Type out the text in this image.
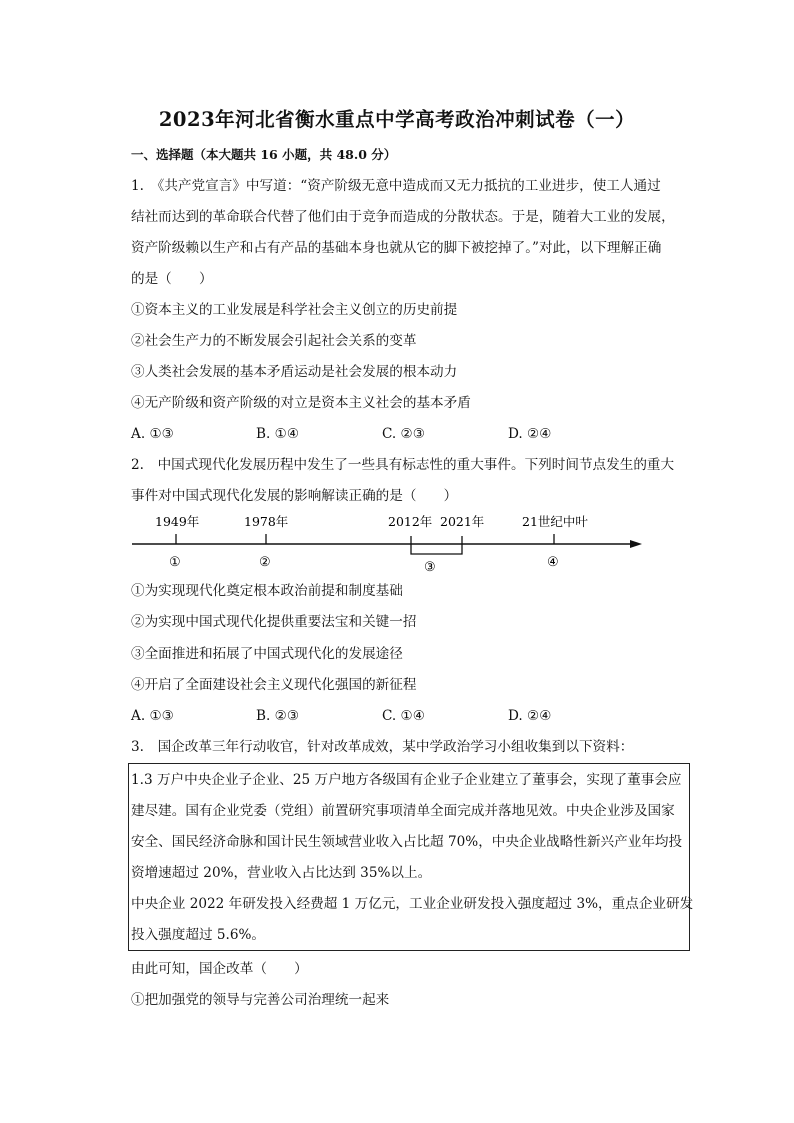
2023年河北省衡水重点中学高考政治冲刺试卷（一）
一、选择题（本大题共 16 小题，共 48.0 分）
1.　《共产党宣言》中写道：“资产阶级无意中造成而又无力抵抗的工业进步，使工人通过
结社而达到的革命联合代替了他们由于竞争而造成的分散状态。于是，随着大工业的发展，
资产阶级赖以生产和占有产品的基础本身也就从它的脚下被挖掉了。”对此，以下理解正确
的是（　　）
①资本主义的工业发展是科学社会主义创立的历史前提
②社会生产力的不断发展会引起社会关系的变革
③人类社会发展的基本矛盾运动是社会发展的根本动力
④无产阶级和资产阶级的对立是资本主义社会的基本矛盾
A. ①③	B. ①④	C. ②③	D. ②④
2.　中国式现代化发展历程中发生了一些具有标志性的重大事件。下列时间节点发生的重大
事件对中国式现代化发展的影响解读正确的是（　　）
1949年	1978年	2012年 2021年	21世纪中叶
①	②	③	④
①为实现现代化奠定根本政治前提和制度基础
②为实现中国式现代化提供重要法宝和关键一招
③全面推进和拓展了中国式现代化的发展途径
④开启了全面建设社会主义现代化强国的新征程
A. ①③	B. ②③	C. ①④	D. ②④
3.　国企改革三年行动收官，针对改革成效，某中学政治学习小组收集到以下资料：
1.3 万户中央企业子企业、25 万户地方各级国有企业子企业建立了董事会，实现了董事会应
建尽建。国有企业党委（党组）前置研究事项清单全面完成并落地见效。中央企业涉及国家
安全、国民经济命脉和国计民生领域营业收入占比超 70%，中央企业战略性新兴产业年均投
资增速超过 20%，营业收入占比达到 35%以上。
中央企业 2022 年研发投入经费超 1 万亿元，工业企业研发投入强度超过 3%，重点企业研发
投入强度超过 5.6%。
由此可知，国企改革（　　）
①把加强党的领导与完善公司治理统一起来
